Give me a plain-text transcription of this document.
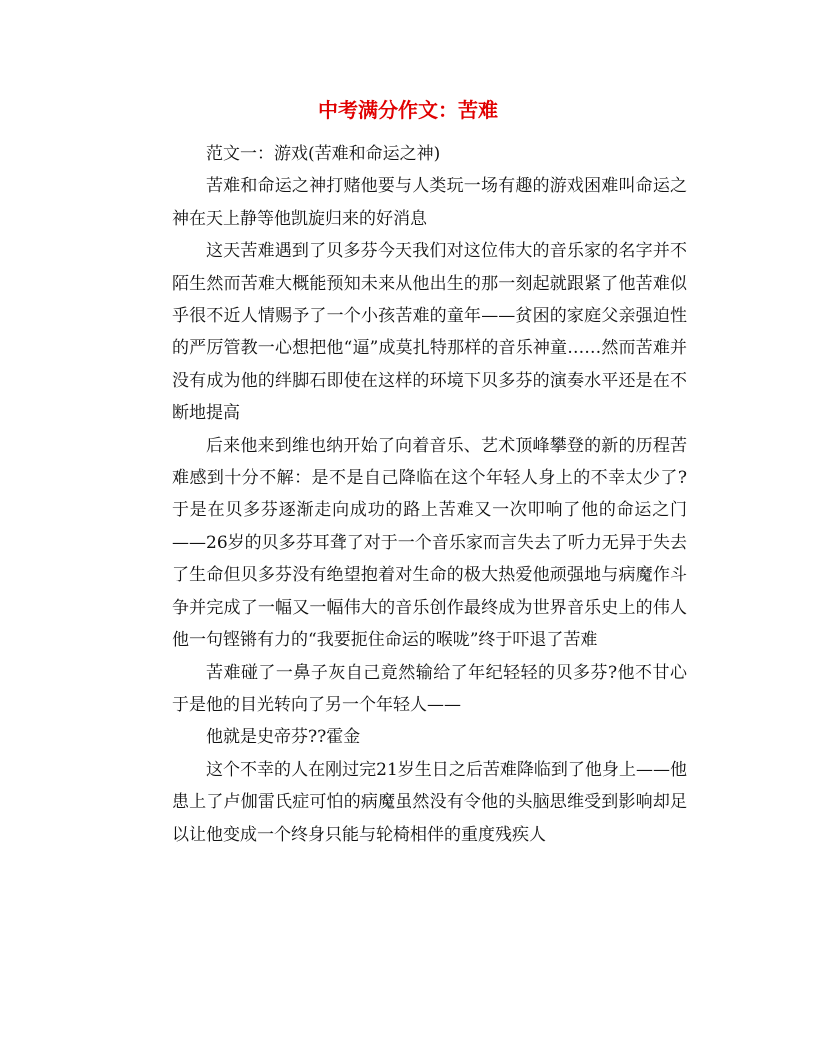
中考满分作文：苦难

范文一：游戏(苦难和命运之神)

苦难和命运之神打赌他要与人类玩一场有趣的游戏困难叫命运之神在天上静等他凯旋归来的好消息

这天苦难遇到了贝多芬今天我们对这位伟大的音乐家的名字并不陌生然而苦难大概能预知未来从他出生的那一刻起就跟紧了他苦难似乎很不近人情赐予了一个小孩苦难的童年——贫困的家庭父亲强迫性的严厉管教一心想把他“逼”成莫扎特那样的音乐神童……然而苦难并没有成为他的绊脚石即使在这样的环境下贝多芬的演奏水平还是在不断地提高

后来他来到维也纳开始了向着音乐、艺术顶峰攀登的新的历程苦难感到十分不解：是不是自己降临在这个年轻人身上的不幸太少了?于是在贝多芬逐渐走向成功的路上苦难又一次叩响了他的命运之门——26岁的贝多芬耳聋了对于一个音乐家而言失去了听力无异于失去了生命但贝多芬没有绝望抱着对生命的极大热爱他顽强地与病魔作斗争并完成了一幅又一幅伟大的音乐创作最终成为世界音乐史上的伟人他一句铿锵有力的“我要扼住命运的喉咙”终于吓退了苦难

苦难碰了一鼻子灰自己竟然输给了年纪轻轻的贝多芬?他不甘心于是他的目光转向了另一个年轻人——

他就是史帝芬??霍金

这个不幸的人在刚过完21岁生日之后苦难降临到了他身上——他患上了卢伽雷氏症可怕的病魔虽然没有令他的头脑思维受到影响却足以让他变成一个终身只能与轮椅相伴的重度残疾人
